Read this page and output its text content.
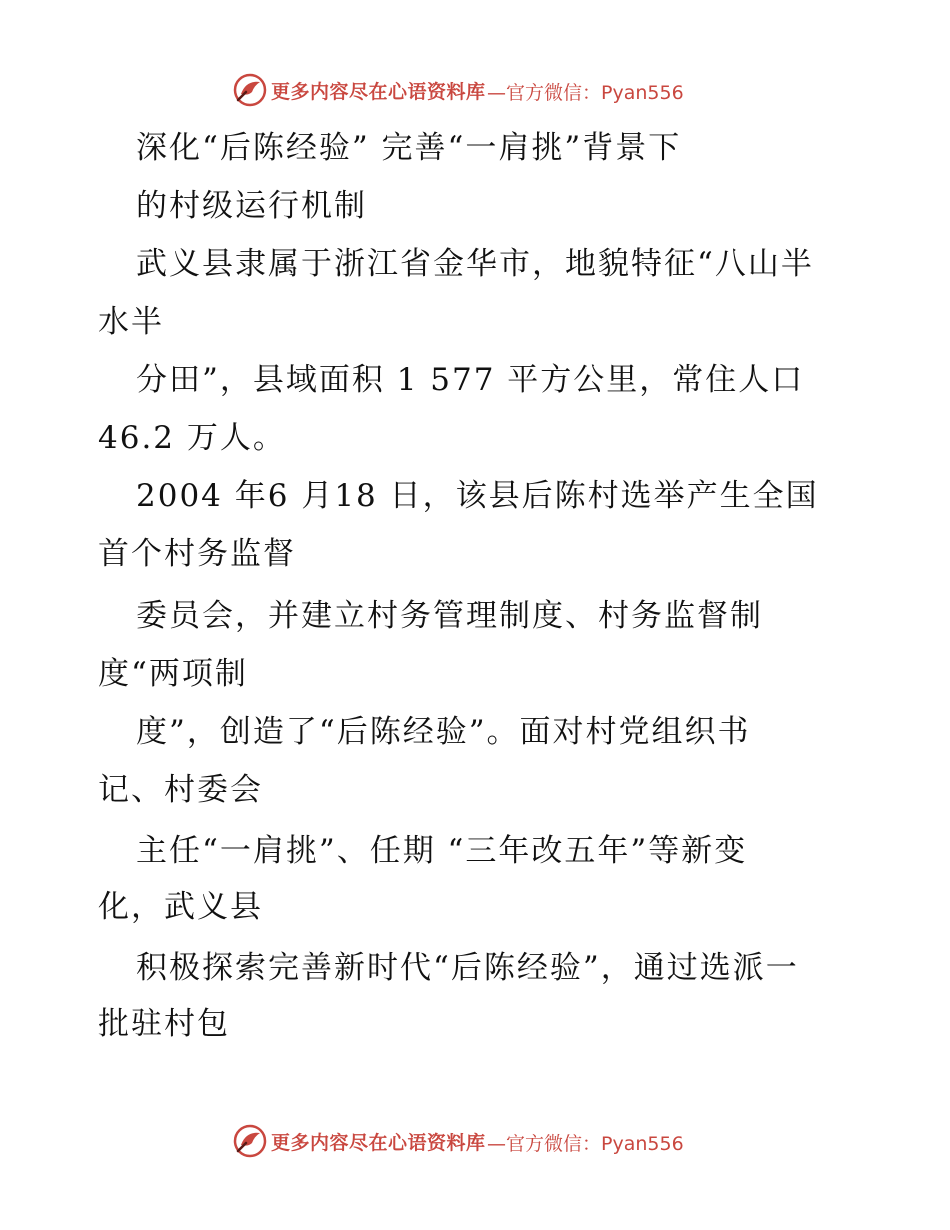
更多内容尽在心语资料库 —官方微信：Pyan556
深化“后陈经验” 完善“一肩挑”背景下
的村级运行机制
武义县隶属于浙江省金华市，地貌特征“八山半
水半
分田”，县域面积 1 577 平方公里，常住人口
46.2 万人。
2004 年6 月18 日，该县后陈村选举产生全国
首个村务监督
委员会，并建立村务管理制度、村务监督制
度“两项制
度”，创造了“后陈经验”。面对村党组织书
记、村委会
主任“一肩挑”、任期 “三年改五年”等新变
化，武义县
积极探索完善新时代“后陈经验”，通过选派一
批驻村包
更多内容尽在心语资料库 —官方微信：Pyan556
